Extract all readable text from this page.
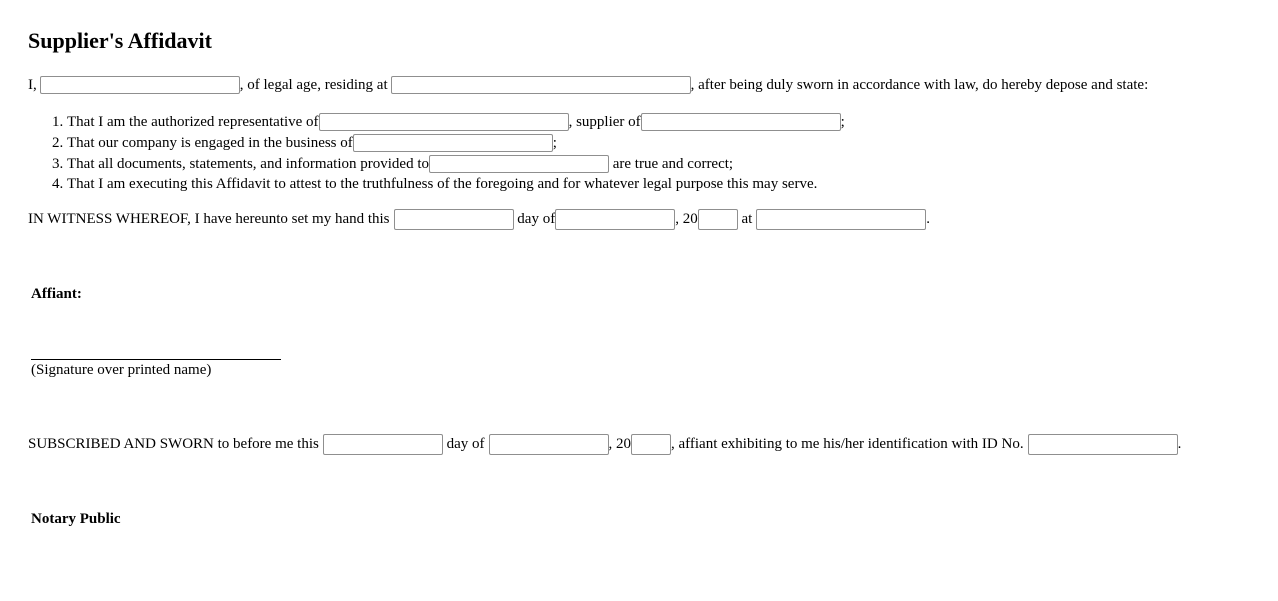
Supplier's Affidavit
I,	, of legal age, residing at	, after being duly sworn in accordance with law, do hereby depose and state:
1.
That I am the authorized representative of	, supplier of	;
2.
That our company is engaged in the business of	;
3.
That all documents, statements, and information provided to	are true and correct;
4.
That I am executing this Affidavit to attest to the truthfulness of the foregoing and for whatever legal purpose this may serve.
IN WITNESS WHEREOF, I have hereunto set my hand this	day of	, 20	at	.
Affiant:
(Signature over printed name)
SUBSCRIBED AND SWORN to before me this	day of	, 20	, affiant exhibiting to me his/her identification with ID No.	.
Notary Public
